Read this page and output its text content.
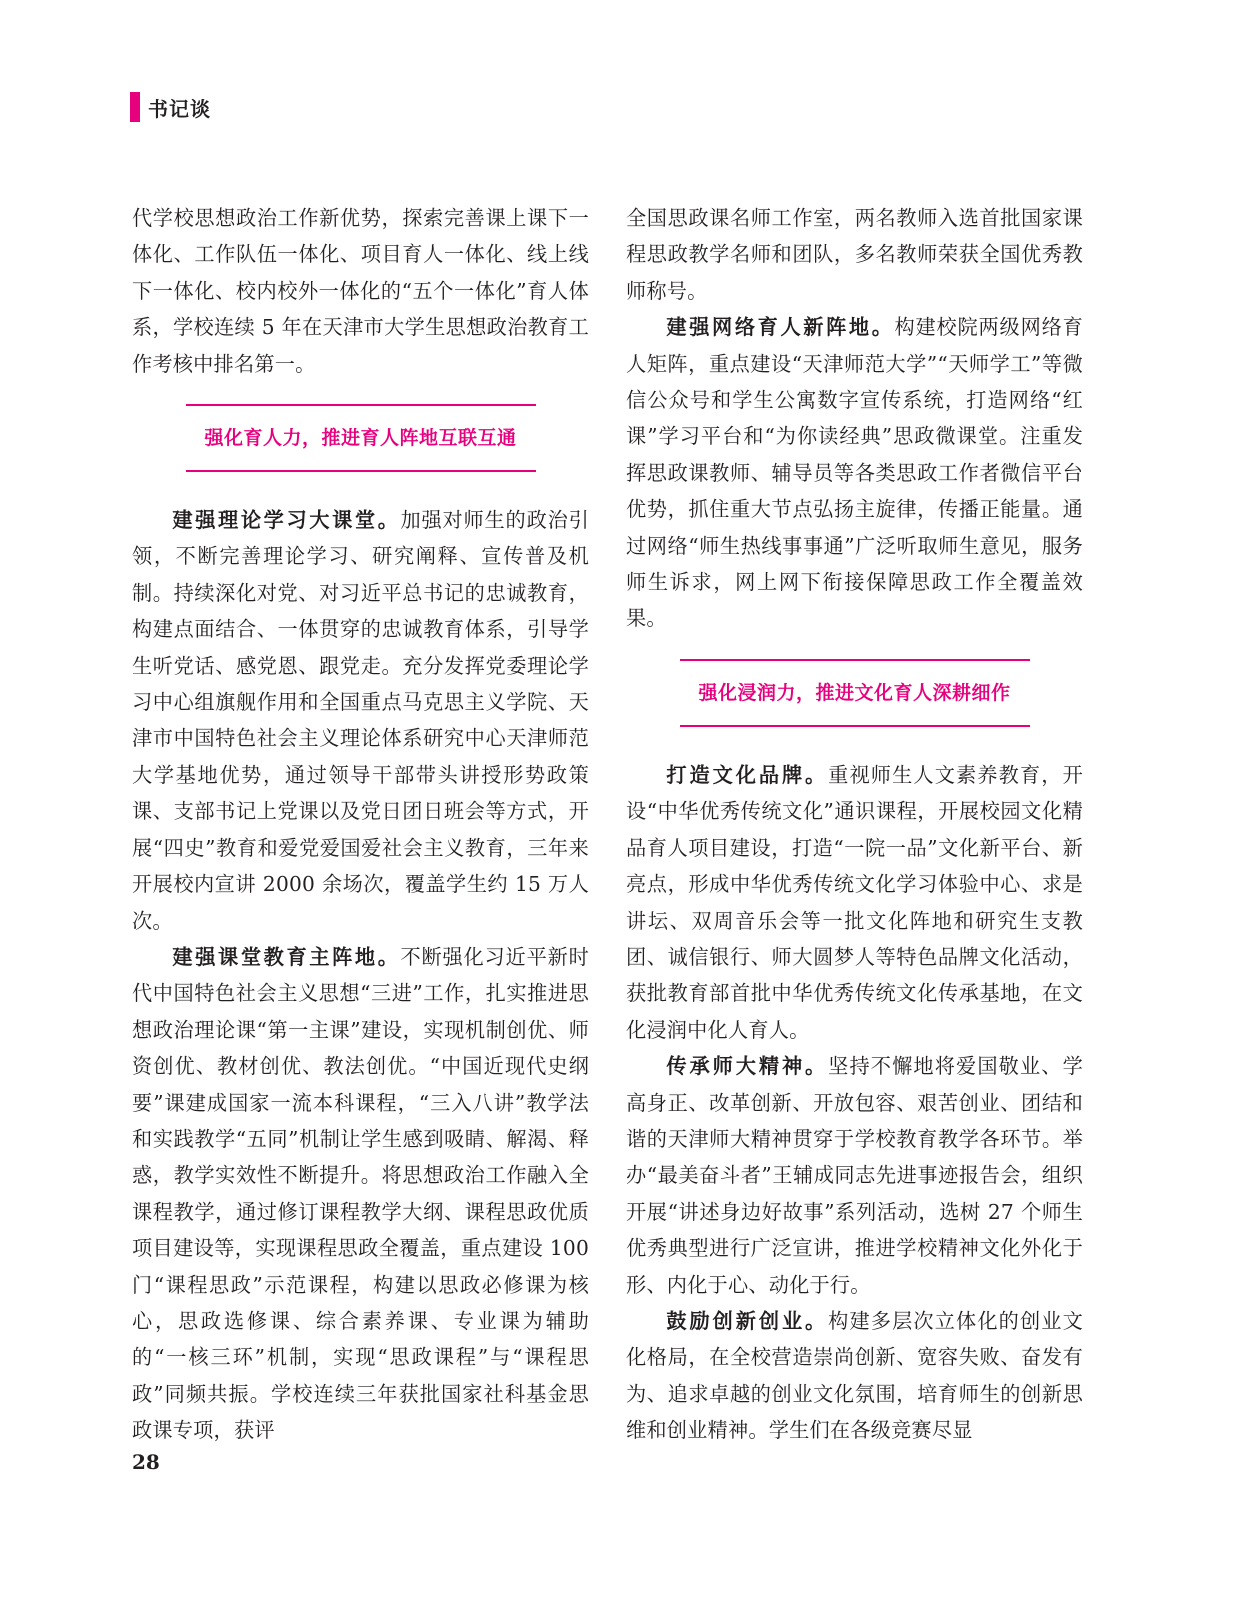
书记谈

代学校思想政治工作新优势，探索完善课上课下一体化、工作队伍一体化、项目育人一体化、线上线下一体化、校内校外一体化的“五个一体化”育人体系，学校连续 5 年在天津市大学生思想政治教育工作考核中排名第一。

强化育人力，推进育人阵地互联互通

建强理论学习大课堂。加强对师生的政治引领，不断完善理论学习、研究阐释、宣传普及机制。持续深化对党、对习近平总书记的忠诚教育，构建点面结合、一体贯穿的忠诚教育体系，引导学生听党话、感党恩、跟党走。充分发挥党委理论学习中心组旗舰作用和全国重点马克思主义学院、天津市中国特色社会主义理论体系研究中心天津师范大学基地优势，通过领导干部带头讲授形势政策课、支部书记上党课以及党日团日班会等方式，开展“四史”教育和爱党爱国爱社会主义教育，三年来开展校内宣讲 2000 余场次，覆盖学生约 15 万人次。

建强课堂教育主阵地。不断强化习近平新时代中国特色社会主义思想“三进”工作，扎实推进思想政治理论课“第一主课”建设，实现机制创优、师资创优、教材创优、教法创优。“中国近现代史纲要”课建成国家一流本科课程，“三入八讲”教学法和实践教学“五同”机制让学生感到吸睛、解渴、释惑，教学实效性不断提升。将思想政治工作融入全课程教学，通过修订课程教学大纲、课程思政优质项目建设等，实现课程思政全覆盖，重点建设 100 门“课程思政”示范课程，构建以思政必修课为核心，思政选修课、综合素养课、专业课为辅助的“一核三环”机制，实现“思政课程”与“课程思政”同频共振。学校连续三年获批国家社科基金思政课专项，获评

全国思政课名师工作室，两名教师入选首批国家课程思政教学名师和团队，多名教师荣获全国优秀教师称号。

建强网络育人新阵地。构建校院两级网络育人矩阵，重点建设“天津师范大学”“天师学工”等微信公众号和学生公寓数字宣传系统，打造网络“红课”学习平台和“为你读经典”思政微课堂。注重发挥思政课教师、辅导员等各类思政工作者微信平台优势，抓住重大节点弘扬主旋律，传播正能量。通过网络“师生热线事事通”广泛听取师生意见，服务师生诉求，网上网下衔接保障思政工作全覆盖效果。

强化浸润力，推进文化育人深耕细作

打造文化品牌。重视师生人文素养教育，开设“中华优秀传统文化”通识课程，开展校园文化精品育人项目建设，打造“一院一品”文化新平台、新亮点，形成中华优秀传统文化学习体验中心、求是讲坛、双周音乐会等一批文化阵地和研究生支教团、诚信银行、师大圆梦人等特色品牌文化活动，获批教育部首批中华优秀传统文化传承基地，在文化浸润中化人育人。

传承师大精神。坚持不懈地将爱国敬业、学高身正、改革创新、开放包容、艰苦创业、团结和谐的天津师大精神贯穿于学校教育教学各环节。举办“最美奋斗者”王辅成同志先进事迹报告会，组织开展“讲述身边好故事”系列活动，选树 27 个师生优秀典型进行广泛宣讲，推进学校精神文化外化于形、内化于心、动化于行。

鼓励创新创业。构建多层次立体化的创业文化格局，在全校营造崇尚创新、宽容失败、奋发有为、追求卓越的创业文化氛围，培育师生的创新思维和创业精神。学生们在各级竞赛尽显

28
